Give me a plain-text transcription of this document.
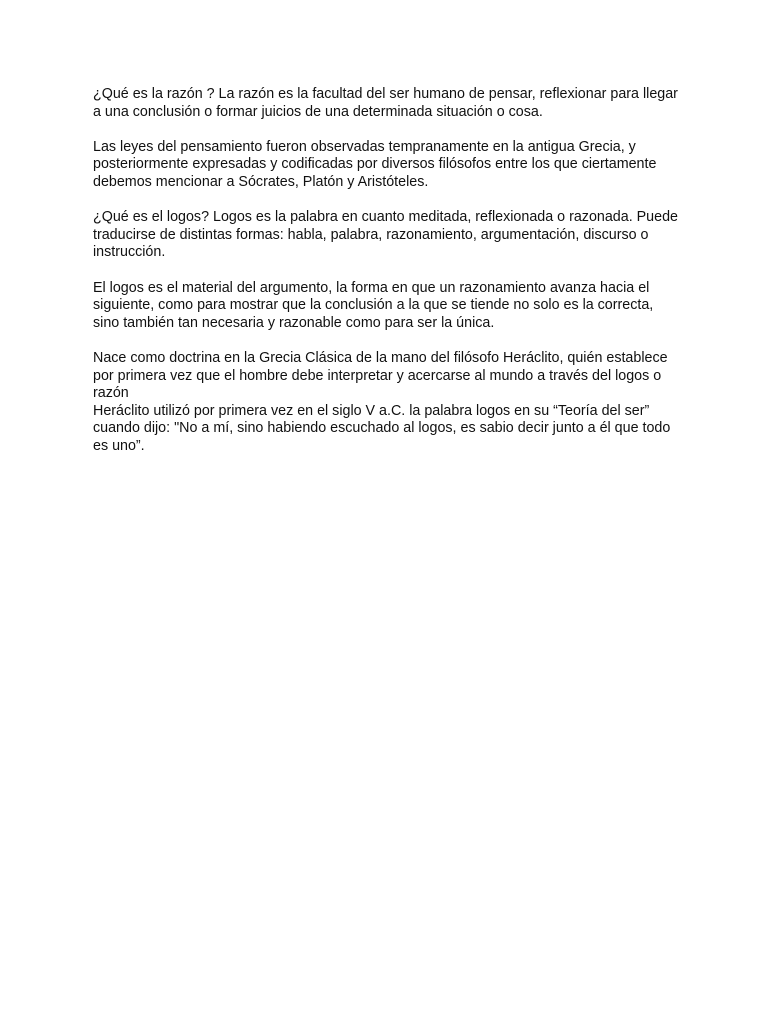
¿Qué es la razón ? La razón es la facultad del ser humano de pensar, reflexionar para llegar
a una conclusión o formar juicios de una determinada situación o cosa.

Las leyes del pensamiento fueron observadas tempranamente en la antigua Grecia, y
posteriormente expresadas y codificadas por diversos filósofos entre los que ciertamente
debemos mencionar a Sócrates, Platón y Aristóteles.

¿Qué es el logos? Logos es la palabra en cuanto meditada, reflexionada o razonada. Puede
traducirse de distintas formas: habla, palabra, razonamiento, argumentación, discurso o
instrucción.

El logos es el material del argumento, la forma en que un razonamiento avanza hacia el
siguiente, como para mostrar que la conclusión a la que se tiende no solo es la correcta,
sino también tan necesaria y razonable como para ser la única.

Nace como doctrina en la Grecia Clásica de la mano del filósofo Heráclito, quién establece
por primera vez que el hombre debe interpretar y acercarse al mundo a través del logos o
razón
Heráclito utilizó por primera vez en el siglo V a.C. la palabra logos en su “Teoría del ser”
cuando dijo: "No a mí, sino habiendo escuchado al logos, es sabio decir junto a él que todo
es uno”.
